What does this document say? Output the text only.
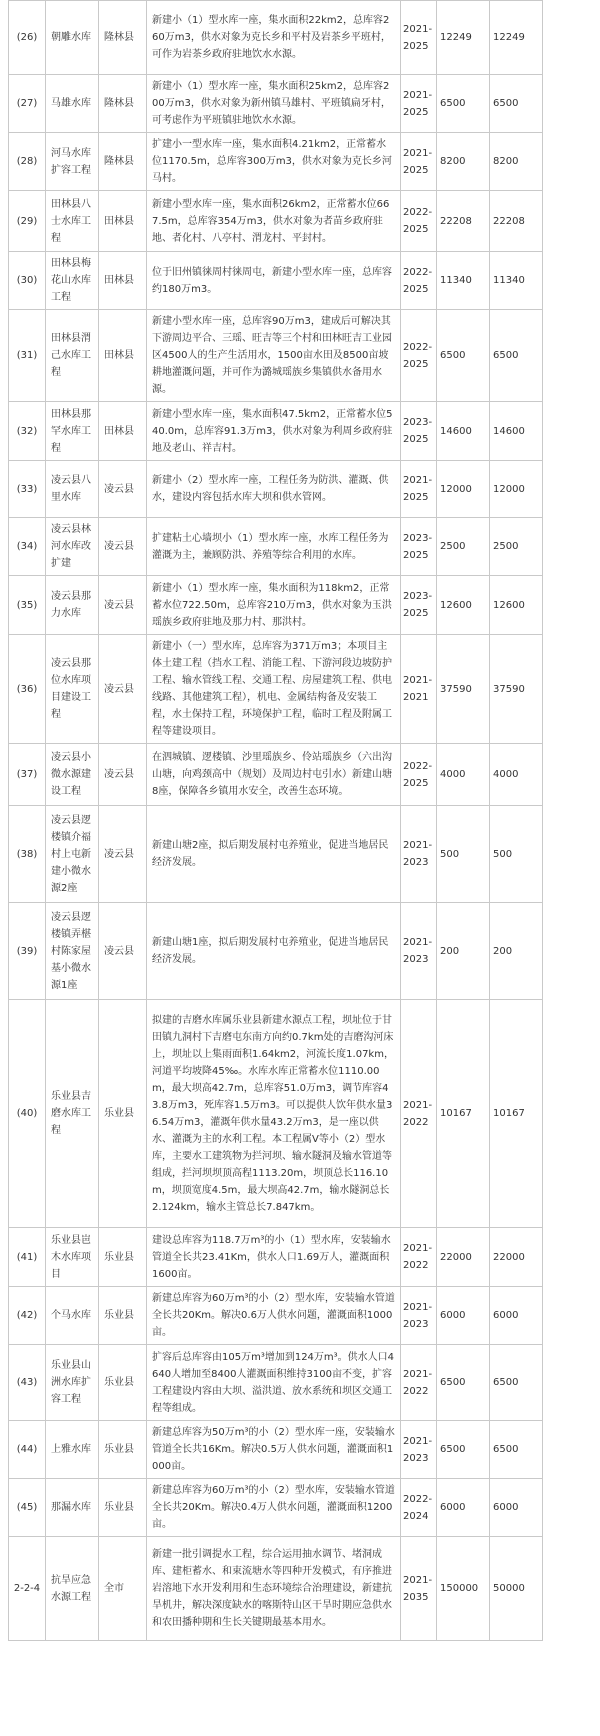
(26)	朝雕水库	隆林县	新建小（1）型水库一座，集水面积22km2，总库容260万m3，供水对象为克长乡和平村及岩茶乡平班村，可作为岩茶乡政府驻地饮水水源。	2021-2025	12249	12249
(27)	马雄水库	隆林县	新建小（1）型水库一座，集水面积25km2，总库容200万m3，供水对象为新州镇马雄村、平班镇扁牙村，可考虑作为平班镇驻地饮水水源。	2021-2025	6500	6500
(28)	河马水库扩容工程	隆林县	扩建小一型水库一座，集水面积4.21km2，正常蓄水位1170.5m，总库容300万m3，供水对象为克长乡河马村。	2021-2025	8200	8200
(29)	田林县八士水库工程	田林县	新建小型水库一座，集水面积26km2，正常蓄水位667.5m，总库容354万m3，供水对象为者苗乡政府驻地、者化村、八亭村、渭龙村、平封村。	2022-2025	22208	22208
(30)	田林县梅花山水库工程	田林县	位于旧州镇徕周村徕周屯，新建小型水库一座，总库容约180万m3。	2022-2025	11340	11340
(31)	田林县渭己水库工程	田林县	新建小型水库一座，总库容90万m3，建成后可解决其下游周边平合、三瑶、旺吉等三个村和田林旺吉工业园区4500人的生产生活用水，1500亩水田及8500亩坡耕地灌溉问题，并可作为潞城瑶族乡集镇供水备用水源。	2022-2025	6500	6500
(32)	田林县那罕水库工程	田林县	新建小型水库一座，集水面积47.5km2，正常蓄水位540.0m，总库容91.3万m3，供水对象为利周乡政府驻地及老山、祥吉村。	2023-2025	14600	14600
(33)	凌云县八里水库	凌云县	新建小（2）型水库一座，工程任务为防洪、灌溉、供水，建设内容包括水库大坝和供水管网。	2021-2025	12000	12000
(34)	凌云县林河水库改扩建	凌云县	扩建粘土心墙坝小（1）型水库一座，水库工程任务为灌溉为主，兼顾防洪、养殖等综合利用的水库。	2023-2025	2500	2500
(35)	凌云县那力水库	凌云县	新建小（1）型水库一座，集水面积为118km2，正常蓄水位722.50m，总库容210万m3，供水对象为玉洪瑶族乡政府驻地及那力村、那洪村。	2023-2025	12600	12600
(36)	凌云县那位水库项目建设工程	凌云县	新建小（一）型水库，总库容为371万m3；本项目主体土建工程（挡水工程、消能工程、下游河段边坡防护工程、输水管线工程、交通工程、房屋建筑工程、供电线路、其他建筑工程），机电、金属结构备及安装工程，水土保持工程，环境保护工程，临时工程及附属工程等建设项目。	2021-2021	37590	37590
(37)	凌云县小微水源建设工程	凌云县	在泗城镇、逻楼镇、沙里瑶族乡、伶站瑶族乡（六出沟山塘，向鸡颈高中（规划）及周边村屯引水）新建山塘8座，保障各乡镇用水安全，改善生态环境。	2022-2025	4000	4000
(38)	凌云县逻楼镇介福村上屯新建小微水源2座	凌云县	新建山塘2座，拟后期发展村屯养殖业，促进当地居民经济发展。	2021-2023	500	500
(39)	凌云县逻楼镇弄椹村陈家屋基小微水源1座	凌云县	新建山塘1座，拟后期发展村屯养殖业，促进当地居民经济发展。	2021-2023	200	200
(40)	乐业县吉磨水库工程	乐业县	拟建的吉磨水库属乐业县新建水源点工程，坝址位于甘田镇九洞村下吉磨屯东南方向约0.7km处的吉磨沟河床上，坝址以上集雨面积1.64km2，河流长度1.07km，河道平均坡降45‰。水库水库正常蓄水位1110.00m，最大坝高42.7m，总库容51.0万m3，调节库容43.8万m3，死库容1.5万m3。可以提供人饮年供水量36.54万m3，灌溉年供水量43.2万m3，是一座以供水、灌溉为主的水利工程。本工程属Ⅴ等小（2）型水库，主要水工建筑物为拦河坝、输水隧洞及输水管道等组成，拦河坝坝顶高程1113.20m，坝顶总长116.10m，坝顶宽度4.5m，最大坝高42.7m，输水隧洞总长2.124km，输水主管总长7.847km。	2021-2022	10167	10167
(41)	乐业县岜木水库项目	乐业县	建设总库容为118.7万m³的小（1）型水库，安装输水管道全长共23.41Km，供水人口1.69万人，灌溉面积1600亩。	2021-2022	22000	22000
(42)	个马水库	乐业县	新建总库容为60万m³的小（2）型水库，安装输水管道全长共20Km。解决0.6万人供水问题，灌溉面积1000亩。	2021-2023	6000	6000
(43)	乐业县山洲水库扩容工程	乐业县	扩容后总库容由105万m³增加到124万m³。供水人口4640人增加至8400人灌溉面积维持3100亩不变，扩容工程建设内容由大坝、溢洪道、放水系统和坝区交通工程等组成。	2021-2022	6500	6500
(44)	上雅水库	乐业县	新建总库容为50万m³的小（2）型水库一座，安装输水管道全长共16Km。解决0.5万人供水问题，灌溉面积1000亩。	2021-2023	6500	6500
(45)	那漏水库	乐业县	新建总库容为60万m³的小（2）型水库，安装输水管道全长共20Km。解决0.4万人供水问题，灌溉面积1200亩。	2022-2024	6000	6000
2-2-4	抗旱应急水源工程	全市	新建一批引调提水工程，综合运用抽水调节、堵洞成库、建柜蓄水、和束流塘水等四种开发模式，有序推进岩溶地下水开发利用和生态环境综合治理建设，新建抗旱机井，解决深度缺水的喀斯特山区干旱时期应急供水和农田播种期和生长关键期最基本用水。	2021-2035	150000	50000
